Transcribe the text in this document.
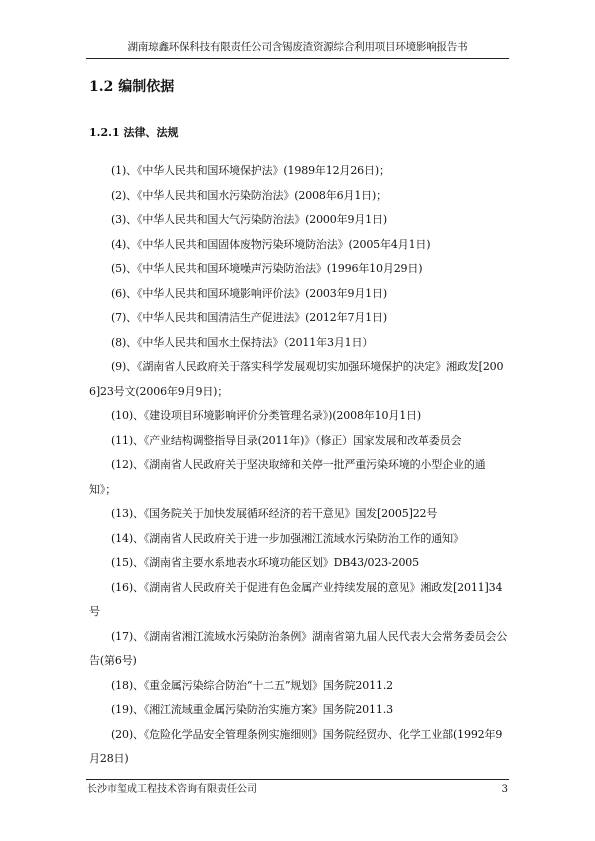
湖南琼鑫环保科技有限责任公司含锡废渣资源综合利用项目环境影响报告书
1.2 编制依据
1.2.1 法律、法规
(1)、《中华人民共和国环境保护法》(1989年12月26日)；
(2)、《中华人民共和国水污染防治法》(2008年6月1日)；
(3)、《中华人民共和国大气污染防治法》(2000年9月1日)
(4)、《中华人民共和国固体废物污染环境防治法》(2005年4月1日)
(5)、《中华人民共和国环境噪声污染防治法》(1996年10月29日)
(6)、《中华人民共和国环境影响评价法》(2003年9月1日)
(7)、《中华人民共和国清洁生产促进法》(2012年7月1日)
(8)、《中华人民共和国水土保持法》（2011年3月1日）
(9)、《湖南省人民政府关于落实科学发展观切实加强环境保护的决定》湘政发[2006]23号文(2006年9月9日)；
(10)、《建设项目环境影响评价分类管理名录》)(2008年10月1日)
(11)、《产业结构调整指导目录(2011年)》（修正）国家发展和改革委员会
(12)、《湖南省人民政府关于坚决取缔和关停一批严重污染环境的小型企业的通知》；
(13)、《国务院关于加快发展循环经济的若干意见》国发[2005]22号
(14)、《湖南省人民政府关于进一步加强湘江流域水污染防治工作的通知》
(15)、《湖南省主要水系地表水环境功能区划》DB43/023-2005
(16)、《湖南省人民政府关于促进有色金属产业持续发展的意见》湘政发[2011]34号
(17)、《湖南省湘江流域水污染防治条例》湖南省第九届人民代表大会常务委员会公告(第6号)
(18)、《重金属污染综合防治“十二五”规划》国务院2011.2
(19)、《湘江流域重金属污染防治实施方案》国务院2011.3
(20)、《危险化学品安全管理条例实施细则》国务院经贸办、化学工业部(1992年9月28日)
长沙市玺成工程技术咨询有限责任公司	3
